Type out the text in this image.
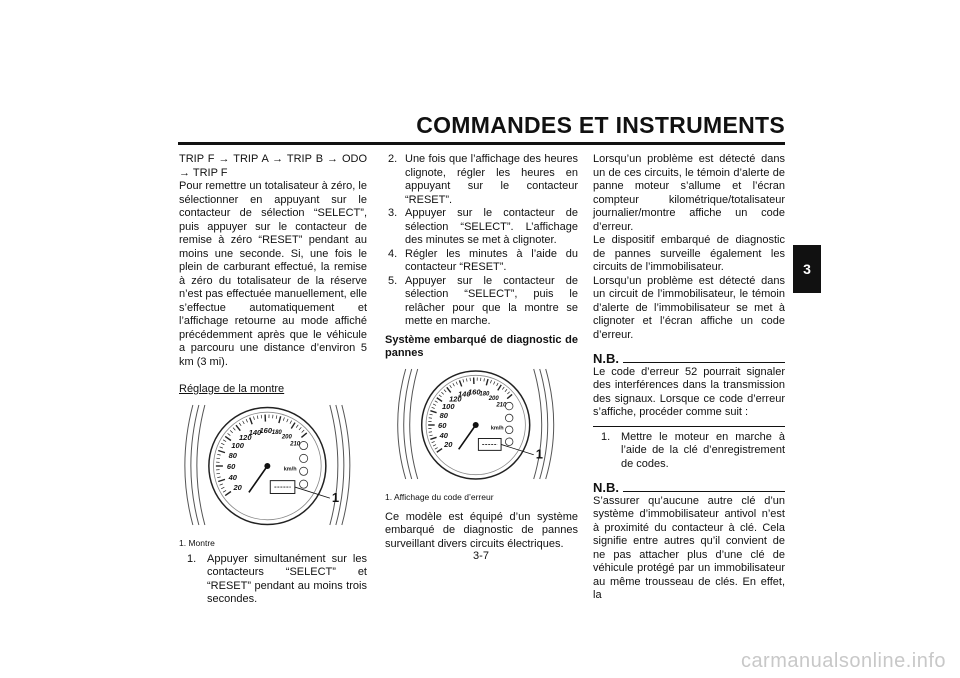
COMMANDES ET INSTRUMENTS
3

TRIP F → TRIP A → TRIP B → ODO → TRIP F

Pour remettre un totalisateur à zéro, le sélectionner en appuyant sur le contacteur de sélection “SELECT”, puis appuyer sur le contacteur de remise à zéro “RESET” pendant au moins une seconde. Si, une fois le plein de carburant effectué, la remise à zéro du totalisateur de la réserve n’est pas effectuée manuellement, elle s’effectue automatiquement et l’affichage retourne au mode affiché précédemment après que le véhicule a parcouru une distance d’environ 5 km (3 mi).

Réglage de la montre

20
40
60
80
100
120
140
160 180
200
210
km/h
1
1. Montre
1. Appuyer simultanément sur les contacteurs “SELECT” et “RESET” pendant au moins trois secondes.
2. Une fois que l’affichage des heures clignote, régler les heures en appuyant sur le contacteur “RESET”.
3. Appuyer sur le contacteur de sélection “SELECT”. L’affichage des minutes se met à clignoter.
4. Régler les minutes à l’aide du contacteur “RESET”.
5. Appuyer sur le contacteur de sélection “SELECT”, puis le relâcher pour que la montre se mette en marche.

Système embarqué de diagnostic de pannes

20
40
60
80
100
120
140
160
180
200
210
km/h
1
1. Affichage du code d’erreur

Ce modèle est équipé d’un système embarqué de diagnostic de pannes surveillant divers circuits électriques.

Lorsqu’un problème est détecté dans un de ces circuits, le témoin d’alerte de panne moteur s’allume et l’écran compteur kilométrique/totalisateur journalier/montre affiche un code d’erreur.

Le dispositif embarqué de diagnostic de pannes surveille également les circuits de l’immobilisateur.

Lorsqu’un problème est détecté dans un circuit de l’immobilisateur, le témoin d’alerte de l’immobilisateur se met à clignoter et l’écran affiche un code d’erreur.

N.B.

Le code d’erreur 52 pourrait signaler des interférences dans la transmission des signaux. Lorsque ce code d’erreur s’affiche, procéder comme suit :

1. Mettre le moteur en marche à l’aide de la clé d’enregistrement de codes.
N.B.

S’assurer qu’aucune autre clé d’un système d’immobilisateur antivol n’est à proximité du contacteur à clé. Cela signifie entre autres qu’il convient de ne pas attacher plus d’une clé de véhicule protégé par un immobilisateur au même trousseau de clés. En effet, la

3-7
carmanualsonline.info
